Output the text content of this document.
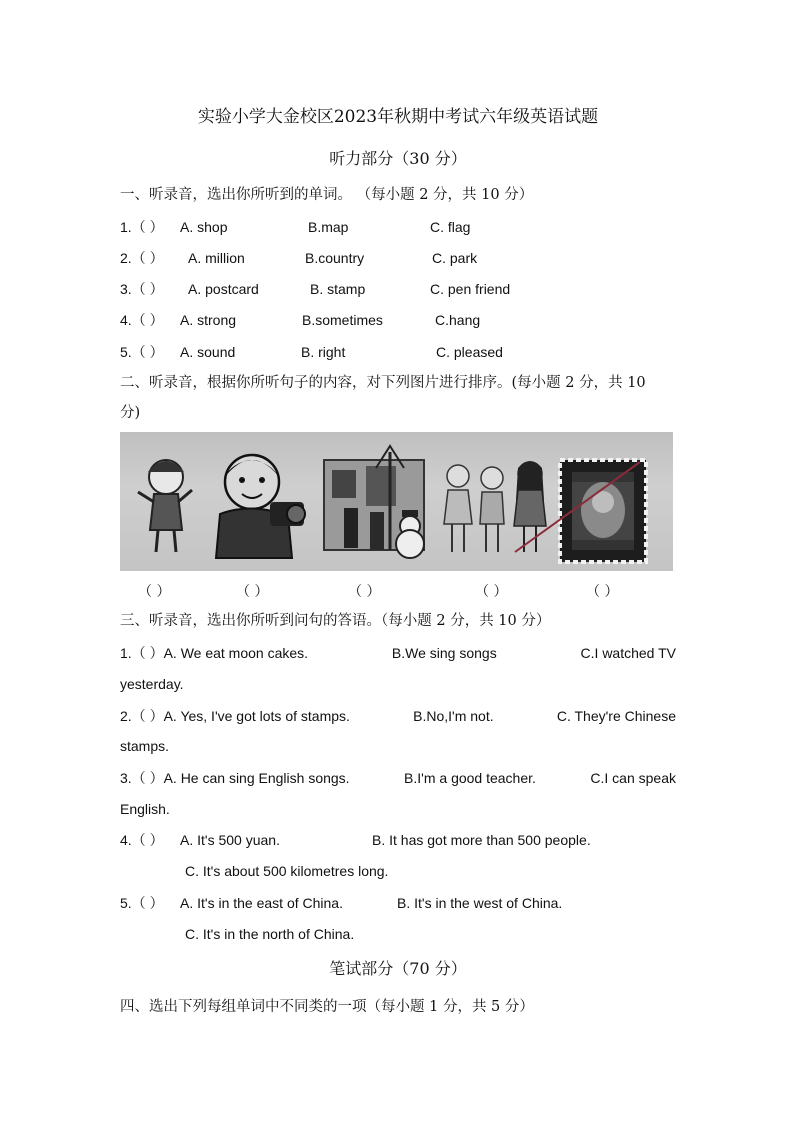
实验小学大金校区2023年秋期中考试六年级英语试题
听力部分（30 分）
一、听录音，选出你所听到的单词。 （每小题 2 分，共 10 分）
1.（ ） A. shop	B.map	C. flag
2.（ ） A. million	B.country	C. park
3.（ ） A. postcard	B. stamp	C. pen friend
4.（ ） A. strong	B.sometimes	C.hang
5.（ ） A. sound	B. right	C. pleased
二、听录音，根据你所听句子的内容，对下列图片进行排序。(每小题 2 分，共 10
分)
（ ）	（ ）	（ ）	（ ）	（ ）
三、听录音，选出你所听到问句的答语。（每小题 2 分，共 10 分）
1.（ ）A. We eat moon cakes.	B.We sing songs	C.I watched TV
yesterday.
2.（ ）A. Yes, I've got lots of stamps.	B.No,I'm not.	C. They're Chinese
stamps.
3.（ ）A. He can sing English songs.	B.I'm a good teacher.	C.I can speak
English.
4.（ ） A. It's 500 yuan.	B. It has got more than 500 people.
C. It's about 500 kilometres long.
5.（ ） A. It's in the east of China.	B. It's in the west of China.
C. It's in the north of China.
笔试部分（70 分）
四、选出下列每组单词中不同类的一项（每小题 1 分，共 5 分）
